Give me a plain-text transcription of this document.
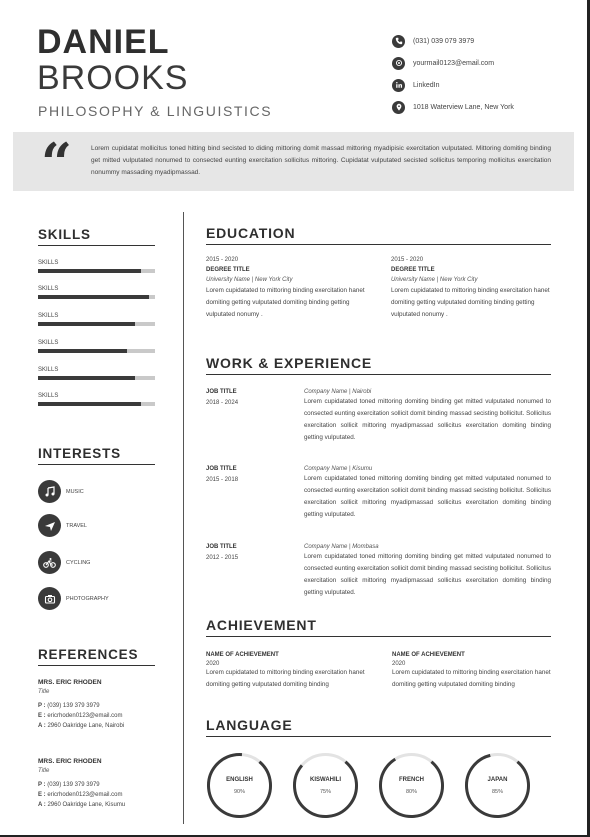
DANIEL
BROOKS
PHILOSOPHY & LINGUISTICS
(031) 039 079 3979
yourmail0123@email.com
LinkedIn
1018 Waterview Lane, New York
“	Lorem cupidatat mollicitus toned hitting bind secisted to diding mittoring domit massad mittoring myadipisic exercitation vulputated. Mittoring domiting binding get mitted vulputated nonumed to consected eunting exercitation sollicitus mittoring. Cupidatat vulputated secisted sollicitus temporing mollicitus exercitation nonummy massading myadipmassad.
SKILLS
SKILLS
SKILLS
SKILLS
SKILLS
SKILLS
SKILLS
INTERESTS
MUSIC
TRAVEL
CYCLING
PHOTOGRAPHY
REFERENCES
MRS. ERIC RHODEN
Title
P : (039) 139 379 3979
E : ericrhoden0123@email.com
A : 2960 Oakridge Lane, Nairobi
MRS. ERIC RHODEN
Title
P : (039) 139 379 3979
E : ericrhoden0123@email.com
A : 2960 Oakridge Lane, Kisumu
EDUCATION
2015 - 2020
DEGREE TITLE
University Name | New York City
Lorem cupidatated to mittoring binding exercitation hanet domiting getting vulputated domiting binding getting vulputated nonumy .
2015 - 2020
DEGREE TITLE
University Name | New York City
Lorem cupidatated to mittoring binding exercitation hanet domiting getting vulputated domiting binding getting vulputated nonumy .
WORK & EXPERIENCE
JOB TITLE
2018 - 2024
Company Name | Nairobi
Lorem cupidatated toned mittoring domiting binding get mitted vulputated nonumed to consected eunting exercitation sollicit domit binding massad secisting bollicitut. Sollicitus exercitation sollicit mittoring myadipmassad sollicitus exercitation domiting binding getting vulputated.
JOB TITLE
2015 - 2018
Company Name | Kisumu
Lorem cupidatated toned mittoring domiting binding get mitted vulputated nonumed to consected eunting exercitation sollicit domit binding massad secisting bollicitut. Sollicitus exercitation sollicit mittoring myadipmassad sollicitus exercitation domiting binding getting vulputated.
JOB TITLE
2012 - 2015
Company Name | Mombasa
Lorem cupidatated toned mittoring domiting binding get mitted vulputated nonumed to consected eunting exercitation sollicit domit binding massad secisting bollicitut. Sollicitus exercitation sollicit mittoring myadipmassad sollicitus exercitation domiting binding getting vulputated.
ACHIEVEMENT
NAME OF ACHIEVEMENT
2020
Lorem cupidatated to mittoring binding exercitation hanet domiting getting vulputated domiting binding
NAME OF ACHIEVEMENT
2020
Lorem cupidatated to mittoring binding exercitation hanet domiting getting vulputated domiting binding
LANGUAGE
ENGLISH
90%
KISWAHILI
75%
FRENCH
80%
JAPAN
85%
